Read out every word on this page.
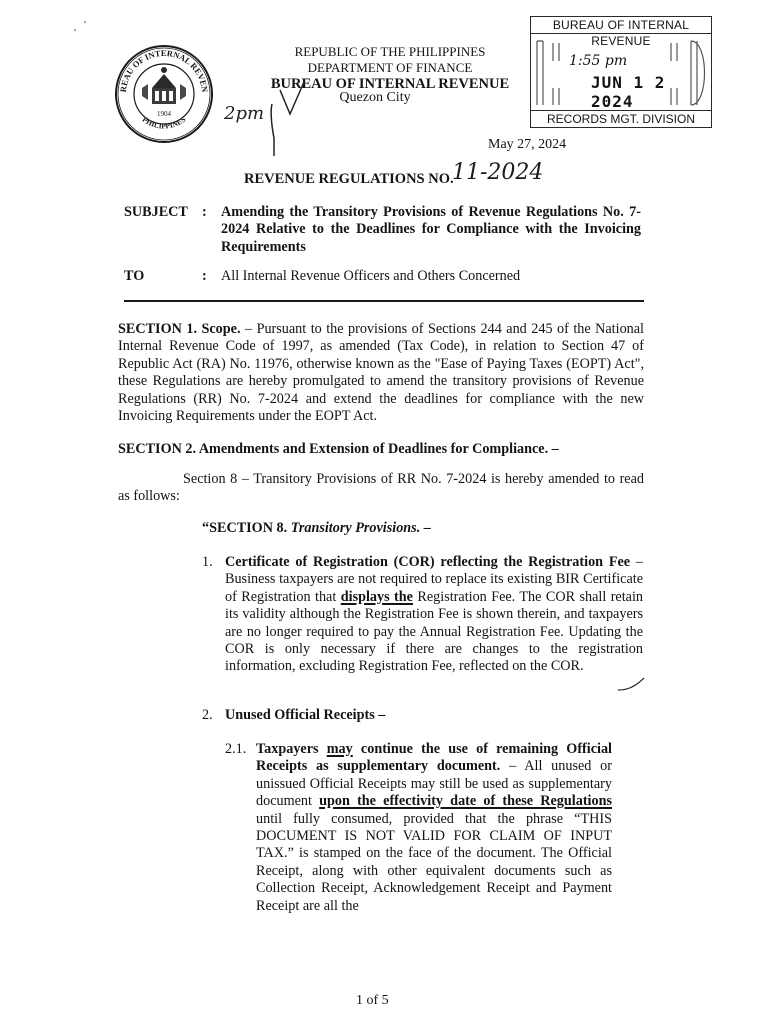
REAU OF INTERNAL REVEN
PHILIPPINES
1904
REPUBLIC OF THE PHILIPPINES
DEPARTMENT OF FINANCE
BUREAU OF INTERNAL REVENUE
Quezon City
2pm
BUREAU OF INTERNAL REVENUE
1:55 pm
JUN 1 2 2024
RECORDS MGT. DIVISION
May 27, 2024
REVENUE REGULATIONS NO.
11-2024
SUBJECT : Amending the Transitory Provisions of Revenue Regulations No. 7-2024 Relative to the Deadlines for Compliance with the Invoicing Requirements
TO	: All Internal Revenue Officers and Others Concerned
SECTION 1. Scope. – Pursuant to the provisions of Sections 244 and 245 of the National Internal Revenue Code of 1997, as amended (Tax Code), in relation to Section 47 of Republic Act (RA) No. 11976, otherwise known as the "Ease of Paying Taxes (EOPT) Act", these Regulations are hereby promulgated to amend the transitory provisions of Revenue Regulations (RR) No. 7-2024 and extend the deadlines for compliance with the new Invoicing Requirements under the EOPT Act.
SECTION 2. Amendments and Extension of Deadlines for Compliance. –
Section 8 – Transitory Provisions of RR No. 7-2024 is hereby amended to read as follows:
“SECTION 8. Transitory Provisions. –
1. Certificate of Registration (COR) reflecting the Registration Fee – Business taxpayers are not required to replace its existing BIR Certificate of Registration that displays the Registration Fee. The COR shall retain its validity although the Registration Fee is shown therein, and taxpayers are no longer required to pay the Annual Registration Fee. Updating the COR is only necessary if there are changes to the registration information, excluding Registration Fee, reflected on the COR.
2. Unused Official Receipts –
2.1. Taxpayers may continue the use of remaining Official Receipts as supplementary document. – All unused or unissued Official Receipts may still be used as supplementary document upon the effectivity date of these Regulations until fully consumed, provided that the phrase “THIS DOCUMENT IS NOT VALID FOR CLAIM OF INPUT TAX.” is stamped on the face of the document. The Official Receipt, along with other equivalent documents such as Collection Receipt, Acknowledgement Receipt and Payment Receipt are all the
1 of 5
